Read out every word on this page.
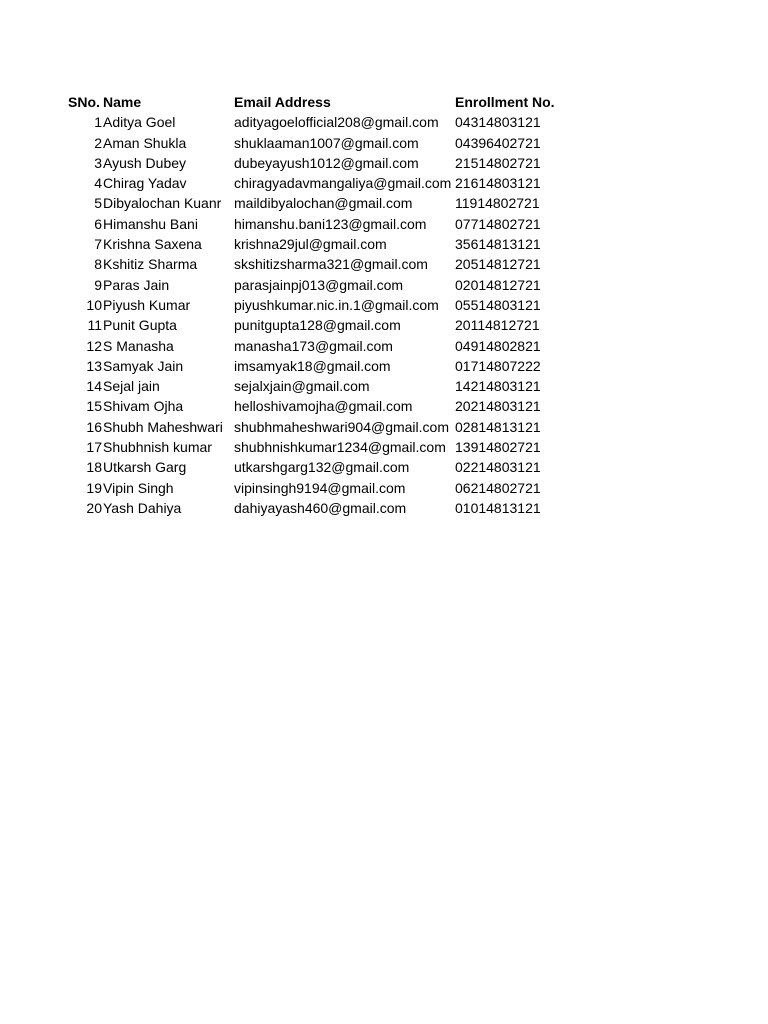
SNo.	Name	Email Address	Enrollment No.
1	Aditya Goel	adityagoelofficial208@gmail.com	04314803121
2	Aman Shukla	shuklaaman1007@gmail.com	04396402721
3	Ayush Dubey	dubeyayush1012@gmail.com	21514802721
4	Chirag Yadav	chiragyadavmangaliya@gmail.com	21614803121
5	Dibyalochan Kuanr	maildibyalochan@gmail.com	11914802721
6	Himanshu Bani	himanshu.bani123@gmail.com	07714802721
7	Krishna Saxena	krishna29jul@gmail.com	35614813121
8	Kshitiz Sharma	skshitizsharma321@gmail.com	20514812721
9	Paras Jain	parasjainpj013@gmail.com	02014812721
10	Piyush Kumar	piyushkumar.nic.in.1@gmail.com	05514803121
11	Punit Gupta	punitgupta128@gmail.com	20114812721
12	S Manasha	manasha173@gmail.com	04914802821
13	Samyak Jain	imsamyak18@gmail.com	01714807222
14	Sejal jain	sejalxjain@gmail.com	14214803121
15	Shivam Ojha	helloshivamojha@gmail.com	20214803121
16	Shubh Maheshwari	shubhmaheshwari904@gmail.com	02814813121
17	Shubhnish kumar	shubhnishkumar1234@gmail.com	13914802721
18	Utkarsh Garg	utkarshgarg132@gmail.com	02214803121
19	Vipin Singh	vipinsingh9194@gmail.com	06214802721
20	Yash Dahiya	dahiyayash460@gmail.com	01014813121
